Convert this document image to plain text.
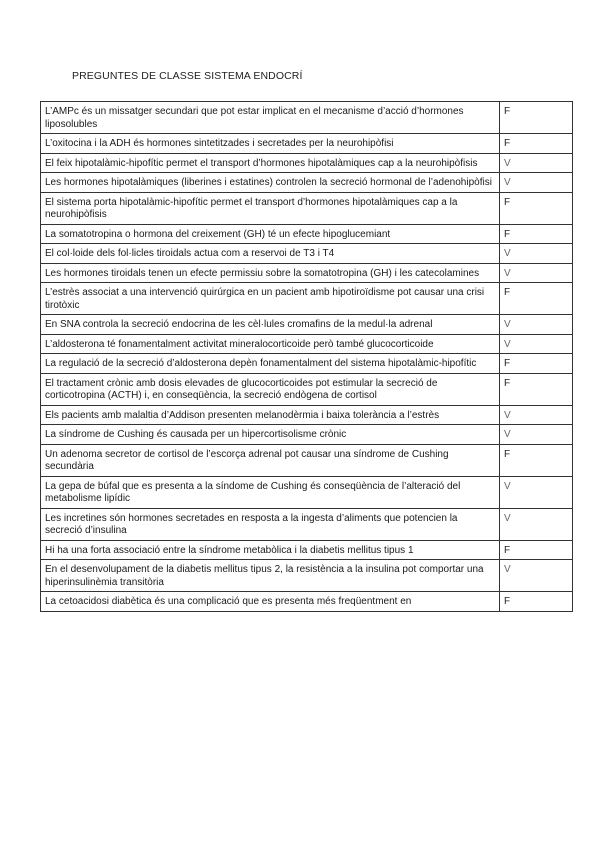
PREGUNTES DE CLASSE SISTEMA ENDOCRÍ
L’AMPc és un missatger secundari que pot estar implicat en el mecanisme d’acció d’hormones liposolubles	F
L’oxitocina i la ADH és hormones sintetitzades i secretades per la neurohipòfisi	F
El feix hipotalàmic-hipofític permet el transport d’hormones hipotalàmiques cap a la neurohipòfisis	V
Les hormones hipotalàmiques (liberines i estatines) controlen la secreció hormonal de l’adenohipòfisi	V
El sistema porta hipotalàmic-hipofític permet el transport d’hormones hipotalàmiques cap a la neurohipòfisis	F
La somatotropina o hormona del creixement (GH) té un efecte hipoglucemiant	F
El col·loide dels fol·licles tiroidals actua com a reservoi de T3 i T4	V
Les hormones tiroidals tenen un efecte permissiu sobre la somatotropina (GH) i les catecolamines	V
L’estrès associat a una intervenció quirúrgica en un pacient amb hipotiroïdisme pot causar una crisi tirotòxic	F
En SNA controla la secreció endocrina de les cèl·lules cromafins de la medul·la adrenal	V
L’aldosterona té fonamentalment activitat mineralocorticoide però també glucocorticoide	V
La regulació de la secreció d’aldosterona depèn fonamentalment del sistema hipotalàmic-hipofític	F
El tractament crònic amb dosis elevades de glucocorticoides pot estimular la secreció de corticotropina (ACTH) i, en conseqüència, la secreció endògena de cortisol	F
Els pacients amb malaltia d’Addison presenten melanodèrmia i baixa tolerància a l’estrès	V
La síndrome de Cushing és causada per un hipercortisolisme crònic	V
Un adenoma secretor de cortisol de l’escorça adrenal pot causar una síndrome de Cushing secundària	F
La gepa de búfal que es presenta a la síndome de Cushing és conseqüència de l’alteració del metabolisme lipídic	V
Les incretines són hormones secretades en resposta a la ingesta d’aliments que potencien la secreció d’insulina	V
Hi ha una forta associació entre la síndrome metabòlica i la diabetis mellitus tipus 1	F
En el desenvolupament de la diabetis mellitus tipus 2, la resistència a la insulina pot comportar una hiperinsulinèmia transitòria	V
La cetoacidosi diabètica és una complicació que es presenta més freqüentment en	F
